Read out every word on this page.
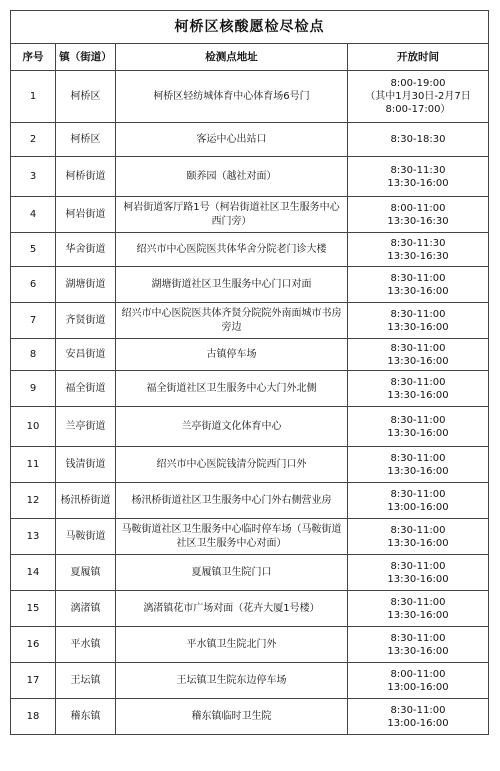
柯桥区核酸愿检尽检点			
序号	镇（街道）	检测点地址	开放时间
1	柯桥区	柯桥区轻纺城体育中心体育场6号门	8:00-19:00
（其中1月30日-2月7日
8:00-17:00）

2	柯桥区	客运中心出站口	8:30-18:30

3	柯桥街道	颐养园（越社对面）	8:30-11:30
13:30-16:00

4	柯岩街道	柯岩街道客厅路1号（柯岩街道社区卫生服务中心西门旁）	8:00-11:00
13:30-16:30

5	华舍街道	绍兴市中心医院医共体华舍分院老门诊大楼	8:30-11:30
13:30-16:30

6	湖塘街道	湖塘街道社区卫生服务中心门口对面	8:30-11:00
13:30-16:00

7	齐贤街道	绍兴市中心医院医共体齐贤分院院外南面城市书房旁边	8:30-11:00
13:30-16:00

8	安昌街道	古镇停车场	8:30-11:00
13:30-16:00

9	福全街道	福全街道社区卫生服务中心大门外北侧	8:30-11:00
13:30-16:00

10	兰亭街道	兰亭街道文化体育中心	8:30-11:00
13:30-16:00

11	钱清街道	绍兴市中心医院钱清分院西门口外	8:30-11:00
13:30-16:00

12	杨汛桥街道	杨汛桥街道社区卫生服务中心门外右侧营业房	8:30-11:00
13:00-16:00

13	马鞍街道	马鞍街道社区卫生服务中心临时停车场（马鞍街道社区卫生服务中心对面）	8:30-11:00
13:30-16:00

14	夏履镇	夏履镇卫生院门口	8:30-11:00
13:30-16:00

15	漓渚镇	漓渚镇花市广场对面（花卉大厦1号楼）	8:30-11:00
13:30-16:00

16	平水镇	平水镇卫生院北门外	8:30-11:00
13:30-16:00

17	王坛镇	王坛镇卫生院东边停车场	8:00-11:00
13:00-16:00

18	稽东镇	稽东镇临时卫生院	8:30-11:00
13:00-16:00
